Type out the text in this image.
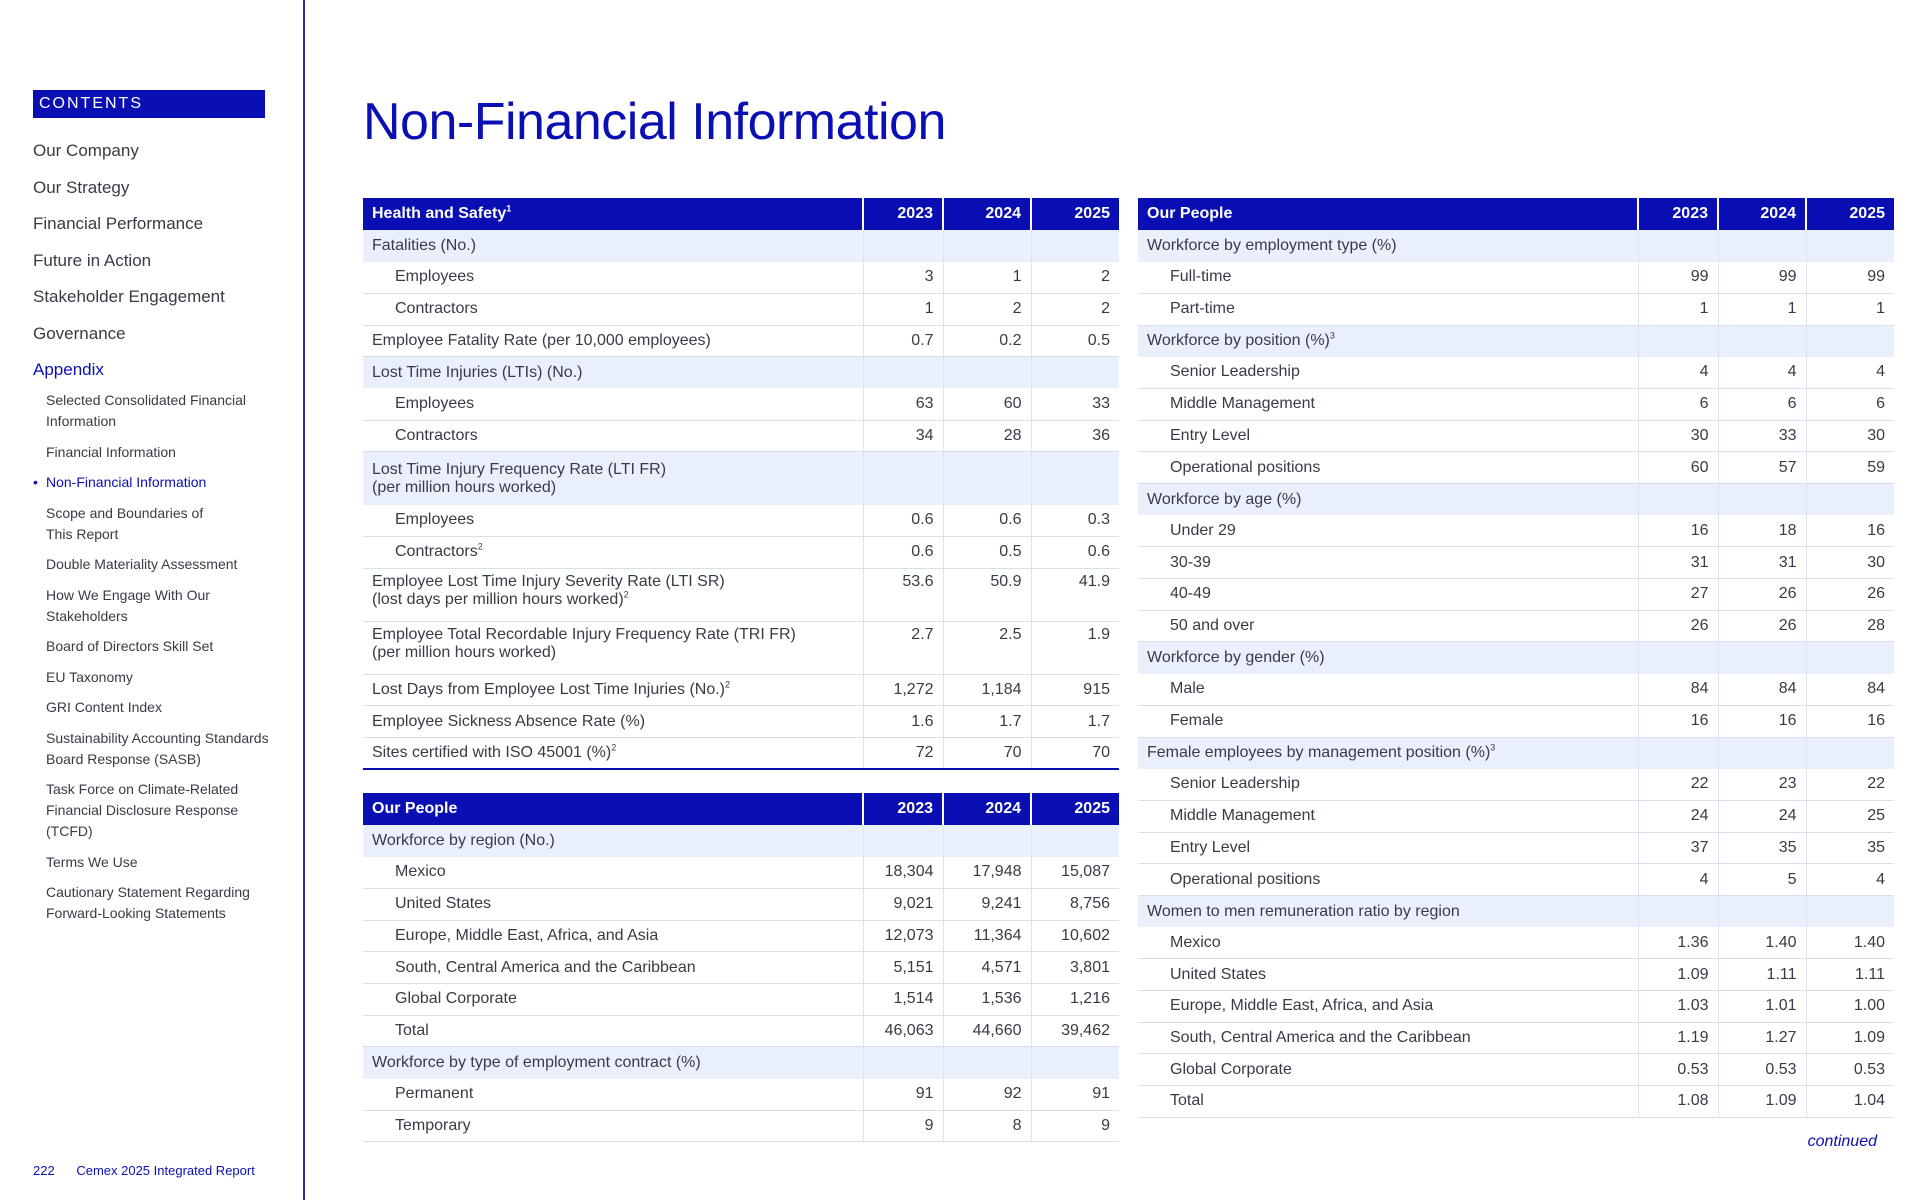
CONTENTS
Our Company
Our Strategy
Financial Performance
Future in Action
Stakeholder Engagement
Governance
Appendix
Selected Consolidated Financial Information
Financial Information
• Non-Financial Information
Scope and Boundaries of This Report
Double Materiality Assessment
How We Engage With Our Stakeholders
Board of Directors Skill Set
EU Taxonomy
GRI Content Index
Sustainability Accounting Standards Board Response (SASB)
Task Force on Climate-Related Financial Disclosure Response (TCFD)
Terms We Use
Cautionary Statement Regarding Forward-Looking Statements
222 Cemex 2025 Integrated Report
Non-Financial Information
Health and Safety$^1$	2023	2024	2025
Fatalities (No.)			
Employees	3	1	2
Contractors	1	2	2
Employee Fatality Rate (per 10,000 employees)	0.7	0.2	0.5
Lost Time Injuries (LTIs) (No.)			
Employees	63	60	33
Contractors	34	28	36
Lost Time Injury Frequency Rate (LTI FR)
(per million hours worked)			
Employees	0.6	0.6	0.3
Contractors$^2$	0.6	0.5	0.6
Employee Lost Time Injury Severity Rate (LTI SR)
(lost days per million hours worked)$^2$	53.6	50.9	41.9
Employee Total Recordable Injury Frequency Rate (TRI FR)
(per million hours worked)	2.7	2.5	1.9
Lost Days from Employee Lost Time Injuries $(No.)^2$	1,272	1,184	915
Employee Sickness Absence Rate (%)	1.6	1.7	1.7
Sites certified with ISO 45001 (%)$^2$	72	70	70
Our People	2023	2024	2025
Workforce by region (No.)			
Mexico	18,304	17,948	15,087
United States	9,021	9,241	8,756
Europe, Middle East, Africa, and Asia	12,073	11,364	10,602
South, Central America and the Caribbean	5,151	4,571	3,801
Global Corporate	1,514	1,536	1,216
Total	46,063	44,660	39,462
Workforce by type of employment contract (%)			
Permanent	91	92	91
Temporary	9	8	9
Our People	2023	2024	2025
Workforce by employment type (%)			
Full-time	99	99	99
Part-time	1	1	1
Workforce by position (%)$^3$			
Senior Leadership	4	4	4
Middle Management	6	6	6
Entry Level	30	33	30
Operational positions	60	57	59
Workforce by age (%)			
Under 29	16	18	16
30-39	31	31	30
40-49	27	26	26
50 and over	26	26	28
Workforce by gender (%)			
Male	84	84	84
Female	16	16	16
Female employees by management position (%)$^3$			
Senior Leadership	22	23	22
Middle Management	24	24	25
Entry Level	37	35	35
Operational positions	4	5	4
Women to men remuneration ratio by region			
Mexico	1.36	1.40	1.40
United States	1.09	1.11	1.11
Europe, Middle East, Africa, and Asia	1.03	1.01	1.00
South, Central America and the Caribbean	1.19	1.27	1.09
Global Corporate	0.53	0.53	0.53
Total	1.08	1.09	1.04
continued
